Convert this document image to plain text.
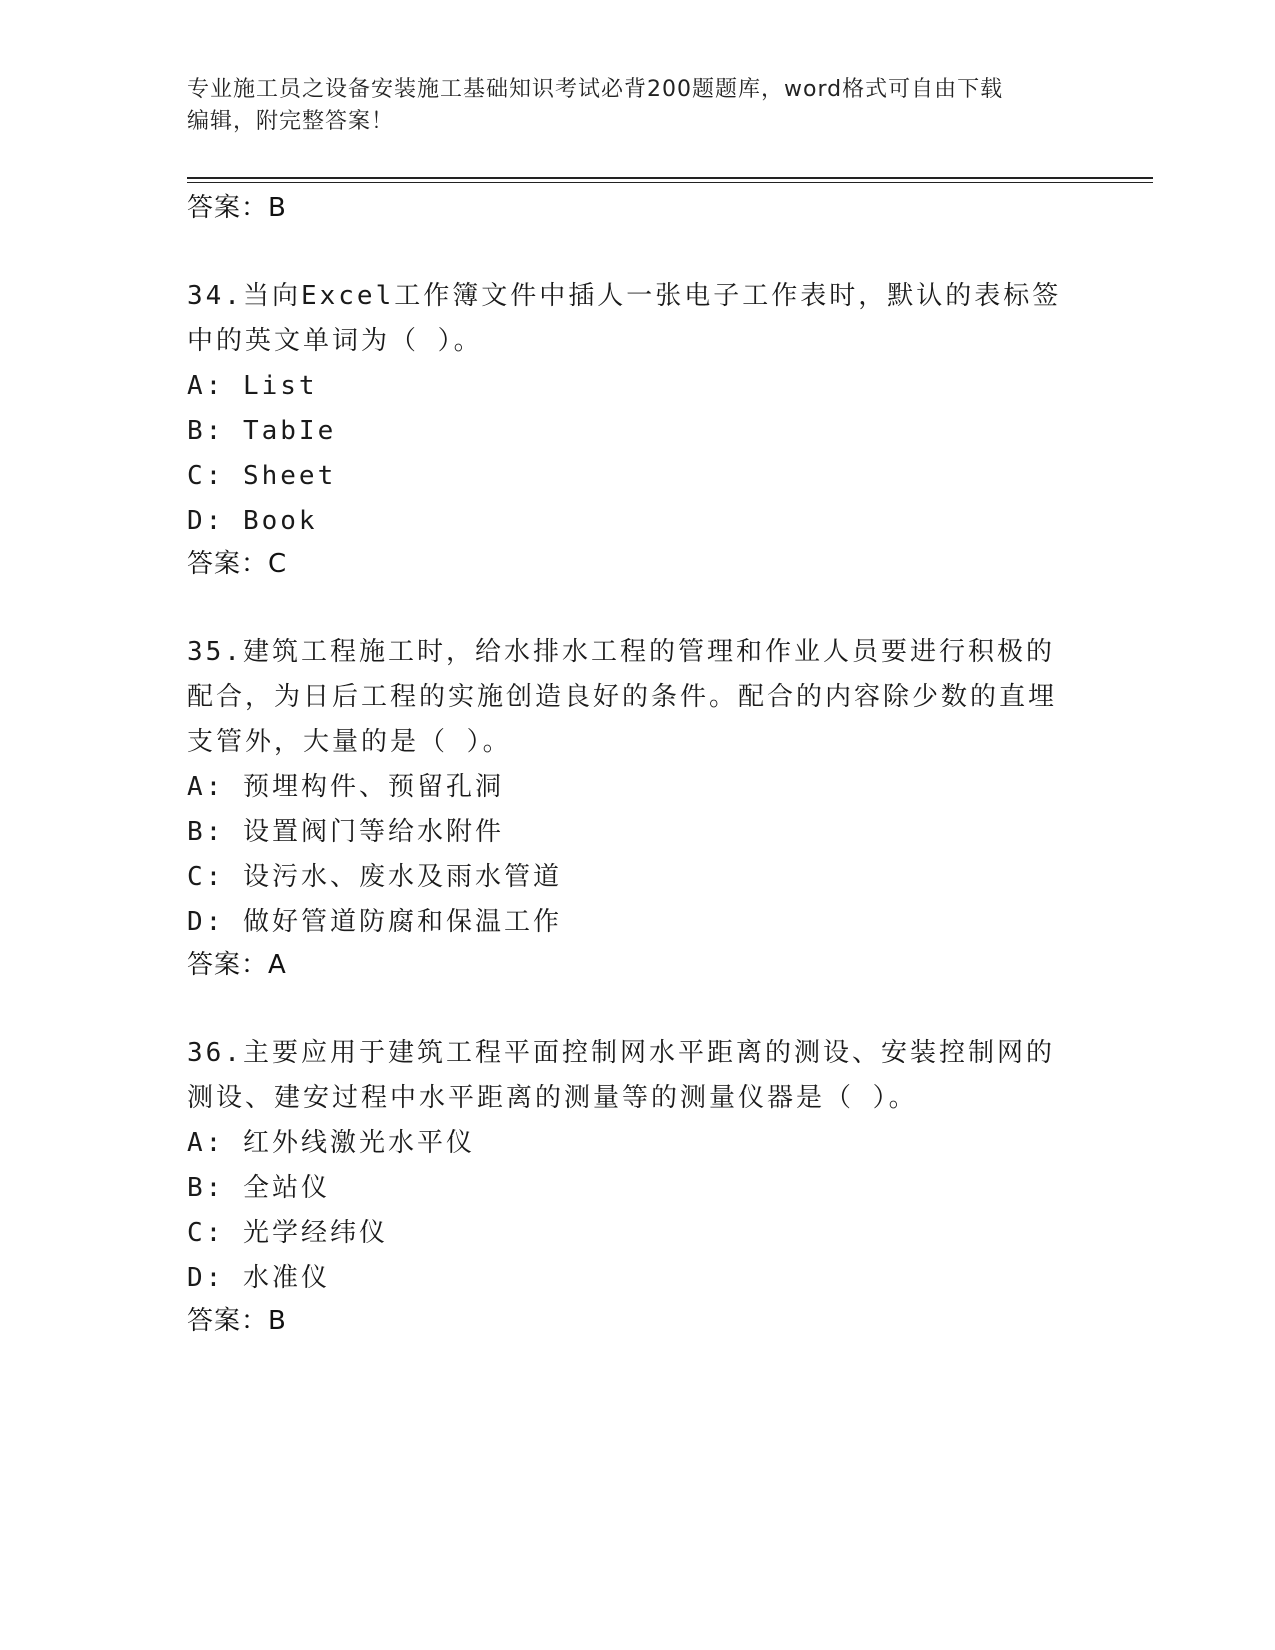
专业施工员之设备安装施工基础知识考试必背200题题库，word格式可自由下载
编辑，附完整答案！
答案：B
34.当向Excel工作簿文件中插人一张电子工作表时，默认的表标签中的英文单词为（ ）。
A: List
B: TabIe
C: Sheet
D: Book
答案：C
35.建筑工程施工时，给水排水工程的管理和作业人员要进行积极的配合，为日后工程的实施创造良好的条件。配合的内容除少数的直埋支管外，大量的是（ ）。
A: 预埋构件、预留孔洞
B: 设置阀门等给水附件
C: 设污水、废水及雨水管道
D: 做好管道防腐和保温工作
答案：A
36.主要应用于建筑工程平面控制网水平距离的测设、安装控制网的测设、建安过程中水平距离的测量等的测量仪器是（ ）。
A: 红外线激光水平仪
B: 全站仪
C: 光学经纬仪
D: 水准仪
答案：B
